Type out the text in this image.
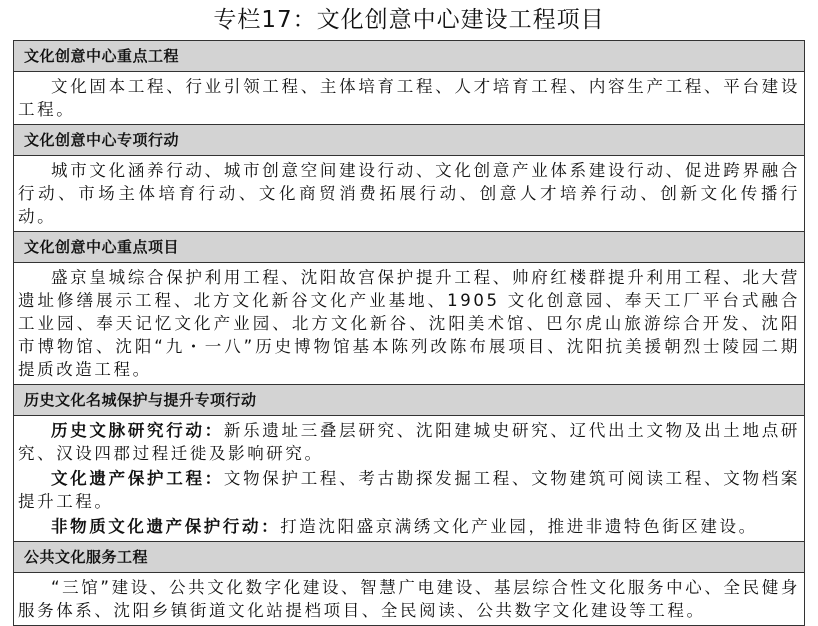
专栏17：文化创意中心建设工程项目
文化创意中心重点工程

文化固本工程、行业引领工程、主体培育工程、人才培育工程、内容生产工程、平台建设工程。

文化创意中心专项行动

城市文化涵养行动、城市创意空间建设行动、文化创意产业体系建设行动、促进跨界融合行动、市场主体培育行动、文化商贸消费拓展行动、创意人才培养行动、创新文化传播行动。

文化创意中心重点项目

盛京皇城综合保护利用工程、沈阳故宫保护提升工程、帅府红楼群提升利用工程、北大营遗址修缮展示工程、北方文化新谷文化产业基地、1905 文化创意园、奉天工厂平台式融合工业园、奉天记忆文化产业园、北方文化新谷、沈阳美术馆、巴尔虎山旅游综合开发、沈阳市博物馆、沈阳“九・一八”历史博物馆基本陈列改陈布展项目、沈阳抗美援朝烈士陵园二期提质改造工程。

历史文化名城保护与提升专项行动

历史文脉研究行动：新乐遗址三叠层研究、沈阳建城史研究、辽代出土文物及出土地点研究、汉设四郡过程迁徙及影响研究。

文化遗产保护工程：文物保护工程、考古勘探发掘工程、文物建筑可阅读工程、文物档案提升工程。

非物质文化遗产保护行动：打造沈阳盛京满绣文化产业园，推进非遗特色街区建设。

公共文化服务工程

“三馆”建设、公共文化数字化建设、智慧广电建设、基层综合性文化服务中心、全民健身服务体系、沈阳乡镇街道文化站提档项目、全民阅读、公共数字文化建设等工程。
